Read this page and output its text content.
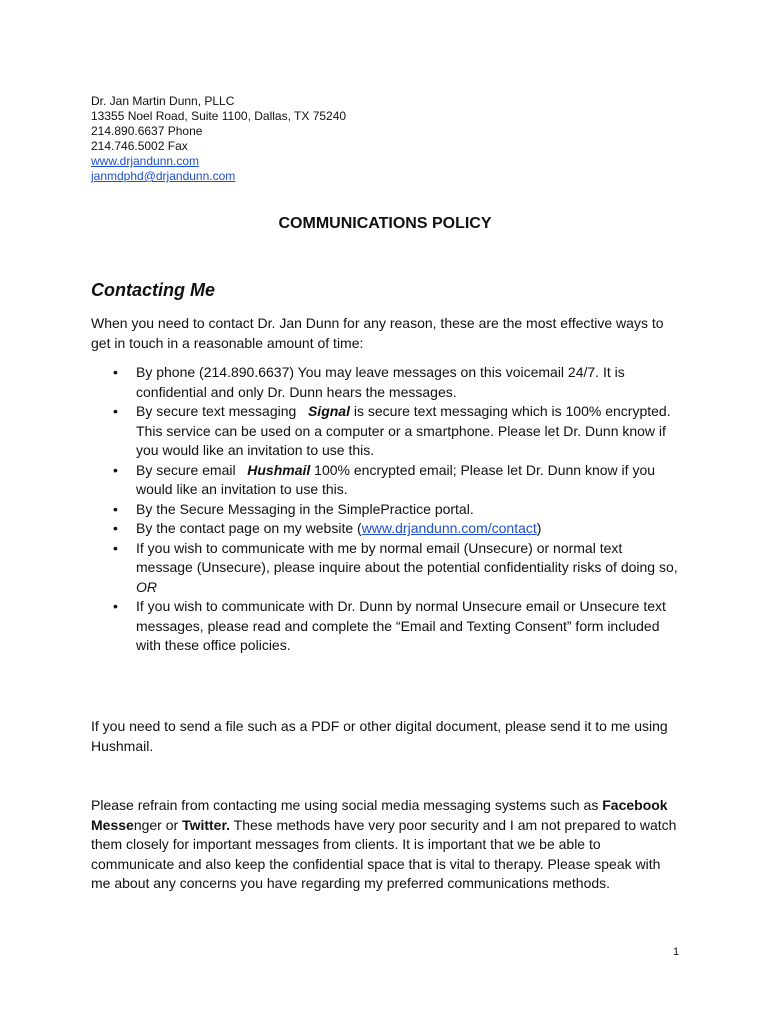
Dr. Jan Martin Dunn, PLLC
13355 Noel Road, Suite 1100, Dallas, TX 75240
214.890.6637 Phone
214.746.5002 Fax
www.drjandunn.com
janmdphd@drjandunn.com
COMMUNICATIONS POLICY
Contacting Me
When you need to contact Dr. Jan Dunn for any reason, these are the most effective ways to get in touch in a reasonable amount of time:
• By phone (214.890.6637) You may leave messages on this voicemail 24/7. It is confidential and only Dr. Dunn hears the messages.
• By secure text messaging Signal is secure text messaging which is 100% encrypted. This service can be used on a computer or a smartphone. Please let Dr. Dunn know if you would like an invitation to use this.
• By secure email Hushmail 100% encrypted email; Please let Dr. Dunn know if you would like an invitation to use this.
• By the Secure Messaging in the SimplePractice portal.
• By the contact page on my website (www.drjandunn.com/contact)
• If you wish to communicate with me by normal email (Unsecure) or normal text message (Unsecure), please inquire about the potential confidentiality risks of doing so,
OR
• If you wish to communicate with Dr. Dunn by normal Unsecure email or Unsecure text messages, please read and complete the “Email and Texting Consent” form included with these office policies.
If you need to send a file such as a PDF or other digital document, please send it to me using Hushmail.
Please refrain from contacting me using social media messaging systems such as Facebook Messenger or Twitter. These methods have very poor security and I am not prepared to watch them closely for important messages from clients. It is important that we be able to communicate and also keep the confidential space that is vital to therapy. Please speak with me about any concerns you have regarding my preferred communications methods.
1
